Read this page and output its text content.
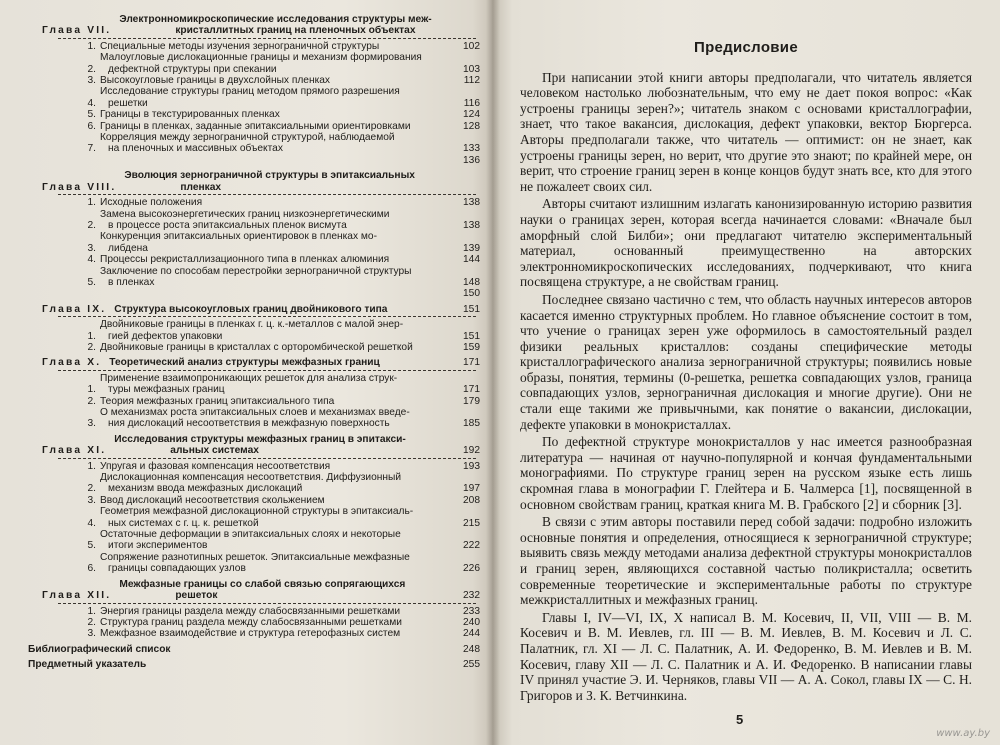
Глава VII.
Электронномикроскопические исследования структуры меж-
кристаллитных границ на пленочных объектах
1. Специальные методы изучения зернограничной структуры	102
2.
Малоугловые дислокационные границы и механизм формирования
дефектной структуры при спекании	103
3. Высокоугловые границы в двухслойных пленках	112
4.
Исследование структуры границ методом прямого разрешения
решетки	116
5. Границы в текстурированных пленках	124
6. Границы в пленках, заданные эпитаксиальными ориентировками	128
7.
Корреляция между зернограничной структурой, наблюдаемой
на пленочных и массивных объектах	133
136
Глава VIII.
Эволюция зернограничной структуры в эпитаксиальных
пленках
1. Исходные положения	138
2.
Замена высокоэнергетических границ низкоэнергетическими
в процессе роста эпитаксиальных пленок висмута	138
3.
Конкуренция эпитаксиальных ориентировок в пленках мо-
либдена	139
4. Процессы рекристаллизационного типа в пленках алюминия	144
5.
Заключение по способам перестройки зернограничной структуры
в пленках	148
150
Глава IX. Структура высокоугловых границ двойникового типа	151
1.
Двойниковые границы в пленках г. ц. к.-металлов с малой энер-
гией дефектов упаковки	151
2. Двойниковые границы в кристаллах с орторомбической решеткой	159
Глава X. Теоретический анализ структуры межфазных границ	171
1.
Применение взаимопроникающих решеток для анализа струк-
туры межфазных границ	171
2. Теория межфазных границ эпитаксиального типа	179
3.
О механизмах роста эпитаксиальных слоев и механизмах введе-
ния дислокаций несоответствия в межфазную поверхность	185
Глава XI.
Исследования структуры межфазных границ в эпитакси-
альных системах	192
1. Упругая и фазовая компенсация несоответствия	193
2.
Дислокационная компенсация несоответствия. Диффузионный
механизм ввода межфазных дислокаций	197
3. Ввод дислокаций несоответствия скольжением	208
4.
Геометрия межфазной дислокационной структуры в эпитаксиаль-
ных системах с г. ц. к. решеткой	215
5.
Остаточные деформации в эпитаксиальных слоях и некоторые
итоги экспериментов	222
6.
Сопряжение разнотипных решеток. Эпитаксиальные межфазные
границы совпадающих узлов	226
Глава XII.
Межфазные границы со слабой связью сопрягающихся
решеток	232
1. Энергия границы раздела между слабосвязанными решетками	233
2. Структура границ раздела между слабосвязанными решетками	240
3. Межфазное взаимодействие и структура гетерофазных систем	244
Библиографический список	248
Предметный указатель	255
Предисловие

При написании этой книги авторы предполагали, что читатель является человеком настолько любознательным, что ему не дает покоя вопрос: «Как устроены границы зерен?»; читатель знаком с основами кристаллографии, знает, что такое вакансия, дислокация, дефект упаковки, вектор Бюргерса. Авторы предполагали также, что читатель — оптимист: он не знает, как устроены границы зерен, но верит, что другие это знают; по крайней мере, он верит, что строение границ зерен в конце концов будут знать все, кто для этого не пожалеет своих сил.

Авторы считают излишним излагать канонизированную историю развития науки о границах зерен, которая всегда начинается словами: «Вначале был аморфный слой Билби»; они предлагают читателю экспериментальный материал, основанный преимущественно на авторских электронномикроскопических исследованиях, подчеркивают, что книга посвящена структуре, а не свойствам границ.

Последнее связано частично с тем, что область научных интересов авторов касается именно структурных проблем. Но главное объяснение состоит в том, что учение о границах зерен уже оформилось в самостоятельный раздел физики реальных кристаллов: созданы специфические методы кристаллографического анализа зернограничной структуры; появились новые образы, понятия, термины (0-решетка, решетка совпадающих узлов, граница совпадающих узлов, зернограничная дислокация и многие другие). Они не стали еще такими же привычными, как понятие о вакансии, дислокации, дефекте упаковки в монокристаллах.

По дефектной структуре монокристаллов у нас имеется разнообразная литература — начиная от научно-популярной и кончая фундаментальными монографиями. По структуре границ зерен на русском языке есть лишь скромная глава в монографии Г. Глейтера и Б. Чалмерса [1], посвященной в основном свойствам границ, краткая книга М. В. Грабского [2] и сборник [3].

В связи с этим авторы поставили перед собой задачи: подробно изложить основные понятия и определения, относящиеся к зернограничной структуре; выявить связь между методами анализа дефектной структуры монокристаллов и границ зерен, являющихся составной частью поликристалла; осветить современные теоретические и экспериментальные работы по структуре межкристаллитных и межфазных границ.

Главы I, IV—VI, IX, X написал В. М. Косевич, II, VII, VIII — В. М. Косевич и В. М. Иевлев, гл. III — В. М. Иевлев, В. М. Косевич и Л. С. Палатник, гл. XI — Л. С. Палатник, А. И. Федоренко, В. М. Иевлев и В. М. Косевич, главу XII — Л. С. Палатник и А. И. Федоренко. В написании главы IV принял участие Э. И. Черняков, главы VII — А. А. Сокол, главы IX — С. Н. Григоров и З. К. Ветчинкина.

5
www.ay.by
